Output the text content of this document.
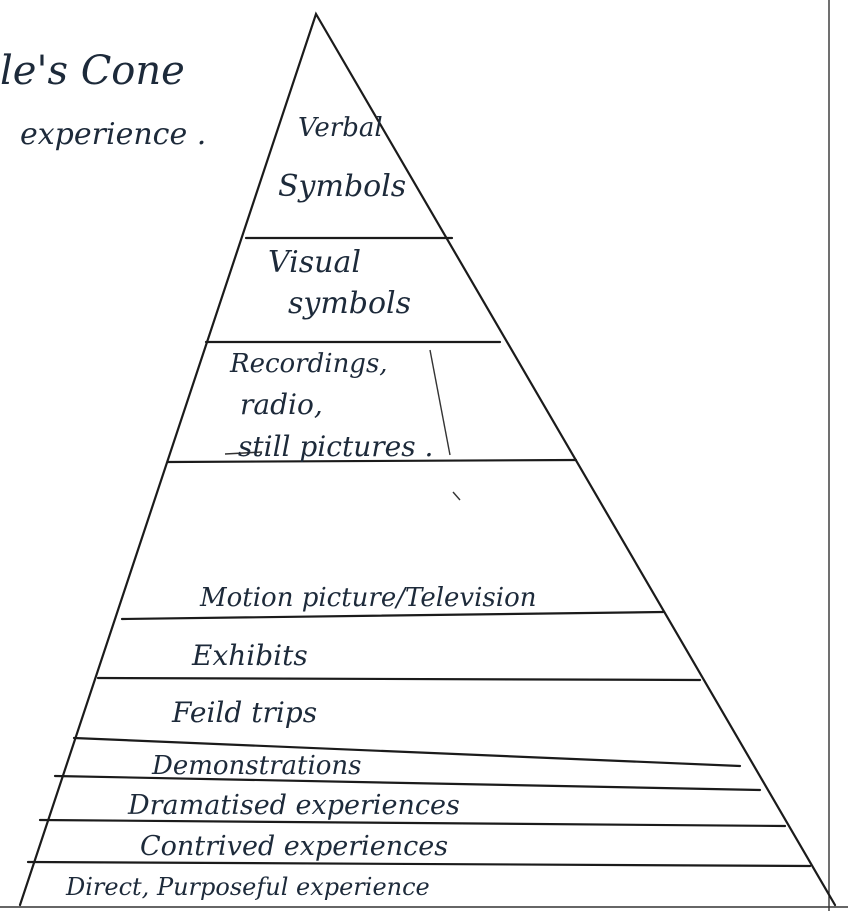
le's Cone
experience .	Verbal
Symbols
Visual
symbols
Recordings,
radio,
still pictures .
Motion picture/Television
Exhibits
Feild trips
Demonstrations
Dramatised experiences
Contrived experiences
Direct, Purposeful experience
